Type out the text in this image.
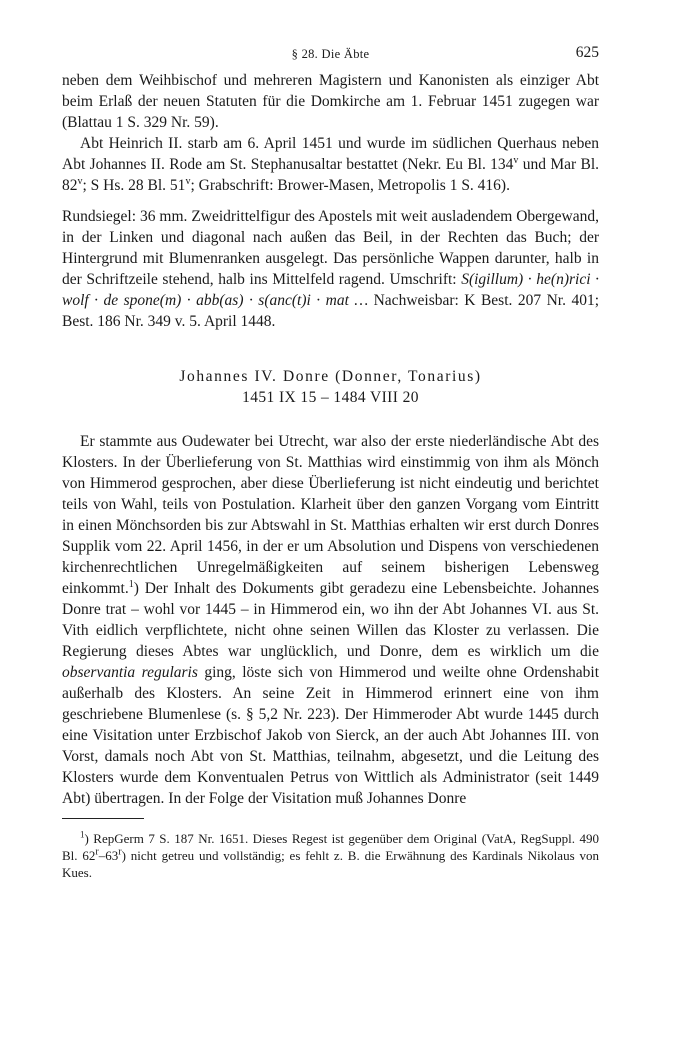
§ 28. Die Äbte	625

neben dem Weihbischof und mehreren Magistern und Kanonisten als einziger Abt beim Erlaß der neuen Statuten für die Domkirche am 1. Februar 1451 zugegen war (Blattau 1 S. 329 Nr. 59).

Abt Heinrich II. starb am 6. April 1451 und wurde im südlichen Querhaus neben Abt Johannes II. Rode am St. Stephanusaltar bestattet (Nekr. Eu Bl. 134$^v$ und Mar Bl. 82$^v$; S Hs. 28 Bl. 51$^v$; Grabschrift: Brower-Masen, Metropolis 1 S. 416).

Rundsiegel: 36 mm. Zweidrittelfigur des Apostels mit weit ausladendem Obergewand, in der Linken und diagonal nach außen das Beil, in der Rechten das Buch; der Hintergrund mit Blumenranken ausgelegt. Das persönliche Wappen darunter, halb in der Schriftzeile stehend, halb ins Mittelfeld ragend. Umschrift: S(igillum) · he(n)rici · wolf · de spone(m) · abb(as) · s(anc(t)i · mat … Nachweisbar: K Best. 207 Nr. 401; Best. 186 Nr. 349 v. 5. April 1448.

Johannes IV. Donre (Donner, Tonarius)
1451 IX 15 – 1484 VIII 20

Er stammte aus Oudewater bei Utrecht, war also der erste niederländische Abt des Klosters. In der Überlieferung von St. Matthias wird einstimmig von ihm als Mönch von Himmerod gesprochen, aber diese Überlieferung ist nicht eindeutig und berichtet teils von Wahl, teils von Postulation. Klarheit über den ganzen Vorgang vom Eintritt in einen Mönchsorden bis zur Abtswahl in St. Matthias erhalten wir erst durch Donres Supplik vom 22. April 1456, in der er um Absolution und Dispens von verschiedenen kirchenrechtlichen Unregelmäßigkeiten auf seinem bisherigen Lebensweg einkommt.$^1$) Der Inhalt des Dokuments gibt geradezu eine Lebensbeichte. Johannes Donre trat – wohl vor 1445 – in Himmerod ein, wo ihn der Abt Johannes VI. aus St. Vith eidlich verpflichtete, nicht ohne seinen Willen das Kloster zu verlassen. Die Regierung dieses Abtes war unglücklich, und Donre, dem es wirklich um die observantia regularis ging, löste sich von Himmerod und weilte ohne Ordenshabit außerhalb des Klosters. An seine Zeit in Himmerod erinnert eine von ihm geschriebene Blumenlese (s. § 5,2 Nr. 223). Der Himmeroder Abt wurde 1445 durch eine Visitation unter Erzbischof Jakob von Sierck, an der auch Abt Johannes III. von Vorst, damals noch Abt von St. Matthias, teilnahm, abgesetzt, und die Leitung des Klosters wurde dem Konventualen Petrus von Wittlich als Administrator (seit 1449 Abt) übertragen. In der Folge der Visitation muß Johannes Donre

$^1$) RepGerm 7 S. 187 Nr. 1651. Dieses Regest ist gegenüber dem Original (VatA, RegSuppl. 490 Bl. 62$^r$–63$^r$) nicht getreu und vollständig; es fehlt z. B. die Erwähnung des Kardinals Nikolaus von Kues.
